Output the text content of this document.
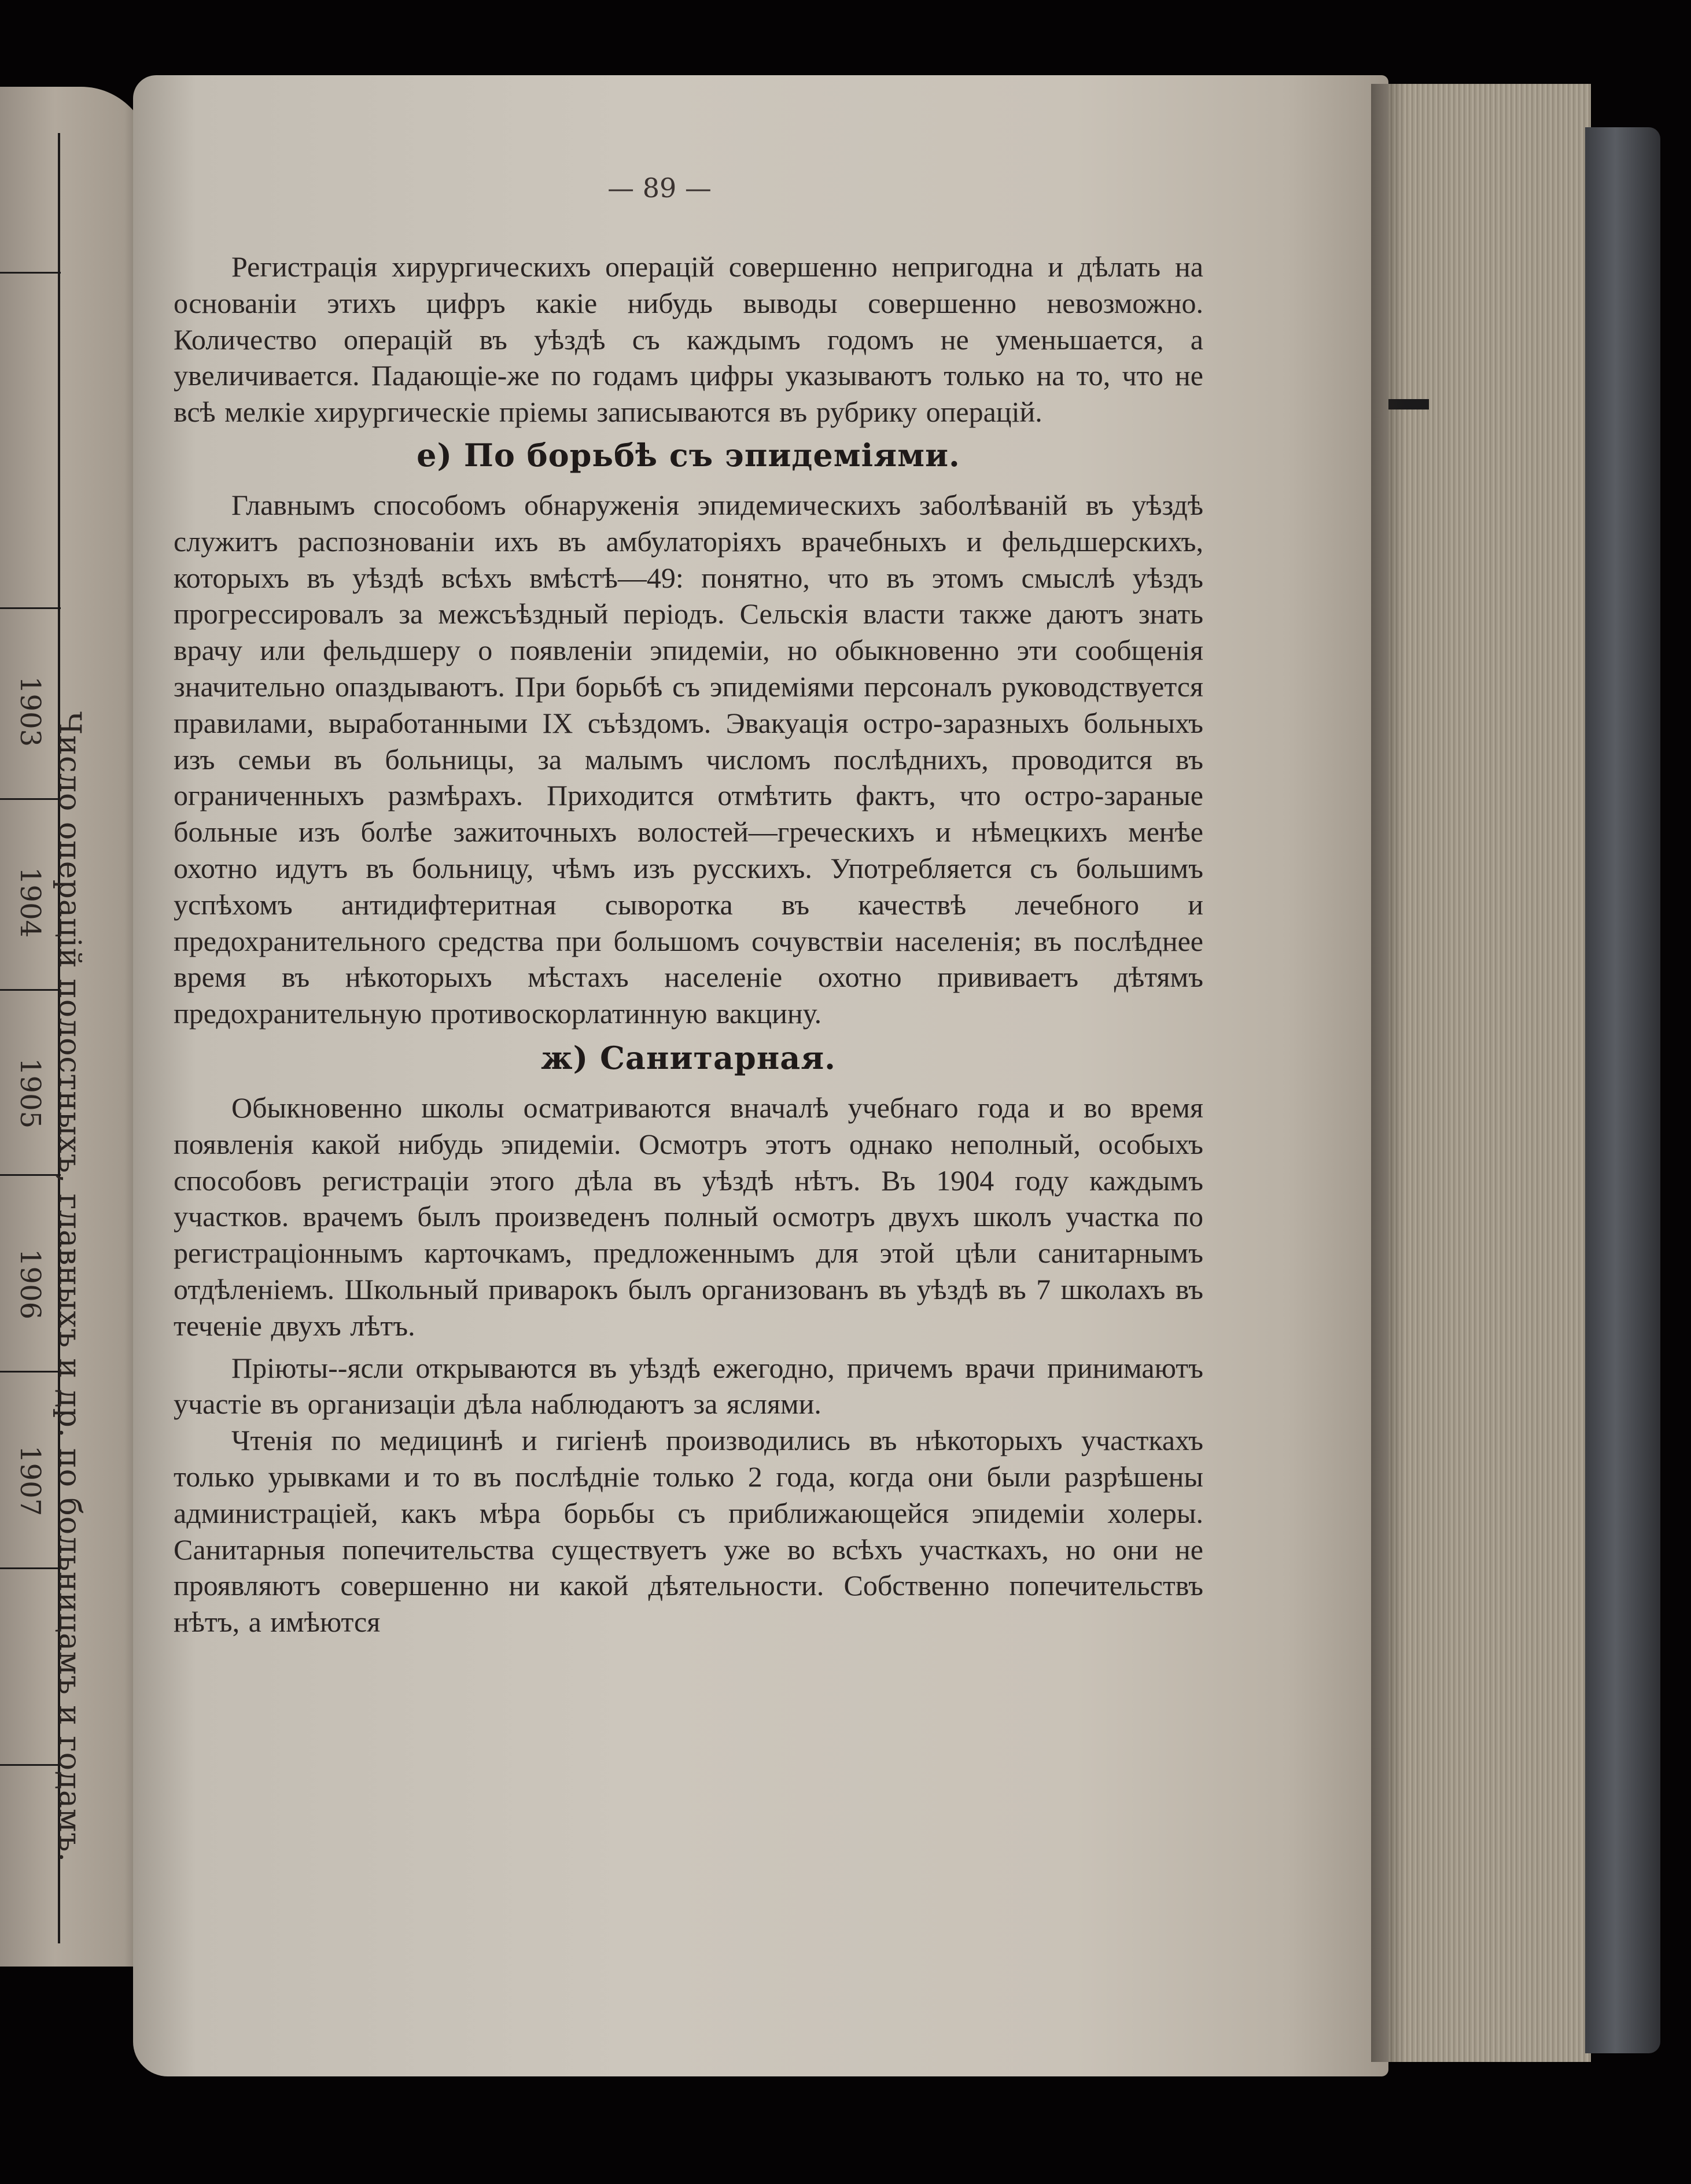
Число операцій полостныхъ, главныхъ и др. по больницамъ и годамъ.
1903
1904
1905
1906
1907
— 89 —

Регистрація хирургическихъ операцій совершенно непригодна и дѣлать на основаніи этихъ цифръ какіе нибудь выводы совершенно невозможно. Количество операцій въ уѣздѣ съ каждымъ годомъ не уменьшается, а увеличивается. Падающіе-же по годамъ цифры указываютъ только на то, что не всѣ мелкіе хирургическіе пріемы записываются въ рубрику операцій.

е) По борьбѣ съ эпидеміями.

Главнымъ способомъ обнаруженія эпидемическихъ заболѣваній въ уѣздѣ служитъ распознованіи ихъ въ амбулаторіяхъ врачебныхъ и фельдшерскихъ, которыхъ въ уѣздѣ всѣхъ вмѣстѣ—49: понятно, что въ этомъ смыслѣ уѣздъ прогрессировалъ за межсъѣздный періодъ. Сельскія власти также даютъ знать врачу или фельдшеру о появленіи эпидеміи, но обыкновенно эти сообщенія значительно опаздываютъ. При борьбѣ съ эпидеміями персоналъ руководствуется правилами, выработанными IX съѣздомъ. Эвакуація остро-заразныхъ больныхъ изъ семьи въ больницы, за малымъ числомъ послѣднихъ, проводится въ ограниченныхъ размѣрахъ. Приходится отмѣтить фактъ, что остро-зараные больные изъ болѣе зажиточныхъ волостей—греческихъ и нѣмецкихъ менѣе охотно идутъ въ больницу, чѣмъ изъ русскихъ. Употребляется съ большимъ успѣхомъ антидифтеритная сыворотка въ качествѣ лечебного и предохранительного средства при большомъ сочувствіи населенія; въ послѣднее время въ нѣкоторыхъ мѣстахъ населеніе охотно прививаетъ дѣтямъ предохранительную противоскорлатинную вакцину.

ж) Санитарная.

Обыкновенно школы осматриваются вначалѣ учебнаго года и во время появленія какой нибудь эпидеміи. Осмотръ этотъ однако неполный, особыхъ способовъ регистраціи этого дѣла въ уѣздѣ нѣтъ. Въ 1904 году каждымъ участков. врачемъ былъ произведенъ полный осмотръ двухъ школъ участка по регистраціоннымъ карточкамъ, предложеннымъ для этой цѣли санитарнымъ отдѣленіемъ. Школьный приварокъ былъ организованъ въ уѣздѣ въ 7 школахъ въ теченіе двухъ лѣтъ.

Пріюты--ясли открываются въ уѣздѣ ежегодно, причемъ врачи принимаютъ участіе въ организаціи дѣла наблюдаютъ за яслями.

Чтенія по медицинѣ и гигіенѣ производились въ нѣкоторыхъ участкахъ только урывками и то въ послѣдніе только 2 года, когда они были разрѣшены администраціей, какъ мѣра борьбы съ приближающейся эпидеміи холеры. Санитарныя попечительства существуетъ уже во всѣхъ участкахъ, но они не проявляютъ совершенно ни какой дѣятельности. Собственно попечительствъ нѣтъ, а имѣются
